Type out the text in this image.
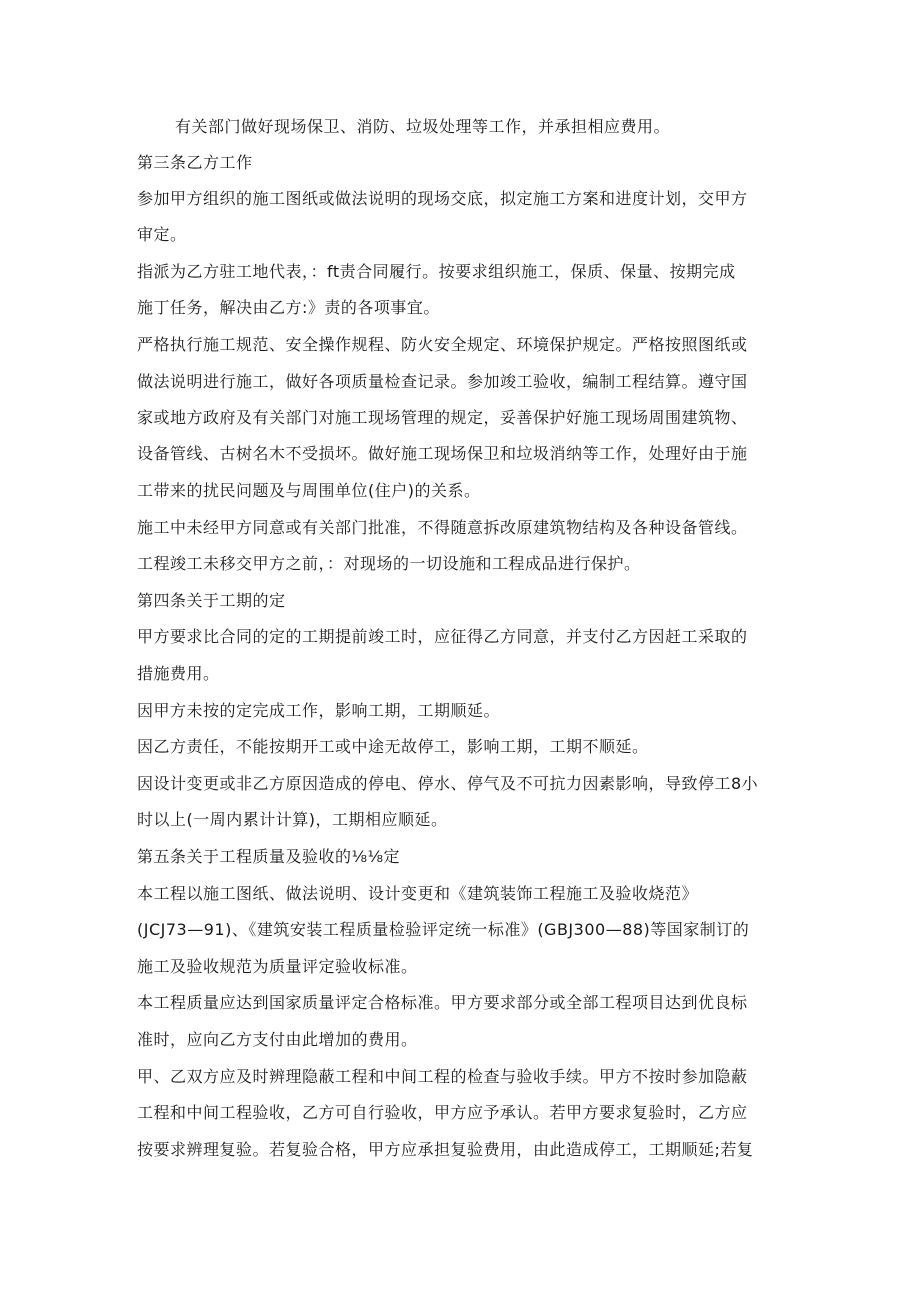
有关部门做好现场保卫、消防、垃圾处理等工作，并承担相应费用。
第三条乙方工作
参加甲方组织的施工图纸或做法说明的现场交底，拟定施工方案和进度计划，交甲方
审定。
指派为乙方驻工地代表，：ft责合同履行。按要求组织施工，保质、保量、按期完成
施丁任务，解决由乙方:》责的各项事宜。
严格执行施工规范、安全操作规程、防火安全规定、环境保护规定。严格按照图纸或
做法说明进行施工，做好各项质量检查记录。参加竣工验收，编制工程结算。遵守国
家或地方政府及有关部门对施工现场管理的规定，妥善保护好施工现场周围建筑物、
设备管线、古树名木不受损坏。做好施工现场保卫和垃圾消纳等工作，处理好由于施
工带来的扰民问题及与周围单位(住户)的关系。
施工中未经甲方同意或有关部门批准，不得随意拆改原建筑物结构及各种设备管线。
工程竣工未移交甲方之前，：对现场的一切设施和工程成品进行保护。
第四条关于工期的定
甲方要求比合同的定的工期提前竣工时，应征得乙方同意，并支付乙方因赶工采取的
措施费用。
因甲方未按的定完成工作，影响工期，工期顺延。
因乙方责任，不能按期开工或中途无故停工，影响工期，工期不顺延。
因设计变更或非乙方原因造成的停电、停水、停气及不可抗力因素影响，导致停工8小
时以上(一周内累计计算)，工期相应顺延。
第五条关于工程质量及验收的⅛⅛定
本工程以施工图纸、做法说明、设计变更和《建筑装饰工程施工及验收烧范》
(JCJ73—91)、《建筑安装工程质量检验评定统一标准》(GBJ300—88)等国家制订的
施工及验收规范为质量评定验收标准。
本工程质量应达到国家质量评定合格标准。甲方要求部分或全部工程项目达到优良标
准时，应向乙方支付由此增加的费用。
甲、乙双方应及时辨理隐蔽工程和中间工程的检查与验收手续。甲方不按时参加隐蔽
工程和中间工程验收，乙方可自行验收，甲方应予承认。若甲方要求复验时，乙方应
按要求辨理复验。若复验合格，甲方应承担复验费用，由此造成停工，工期顺延;若复
